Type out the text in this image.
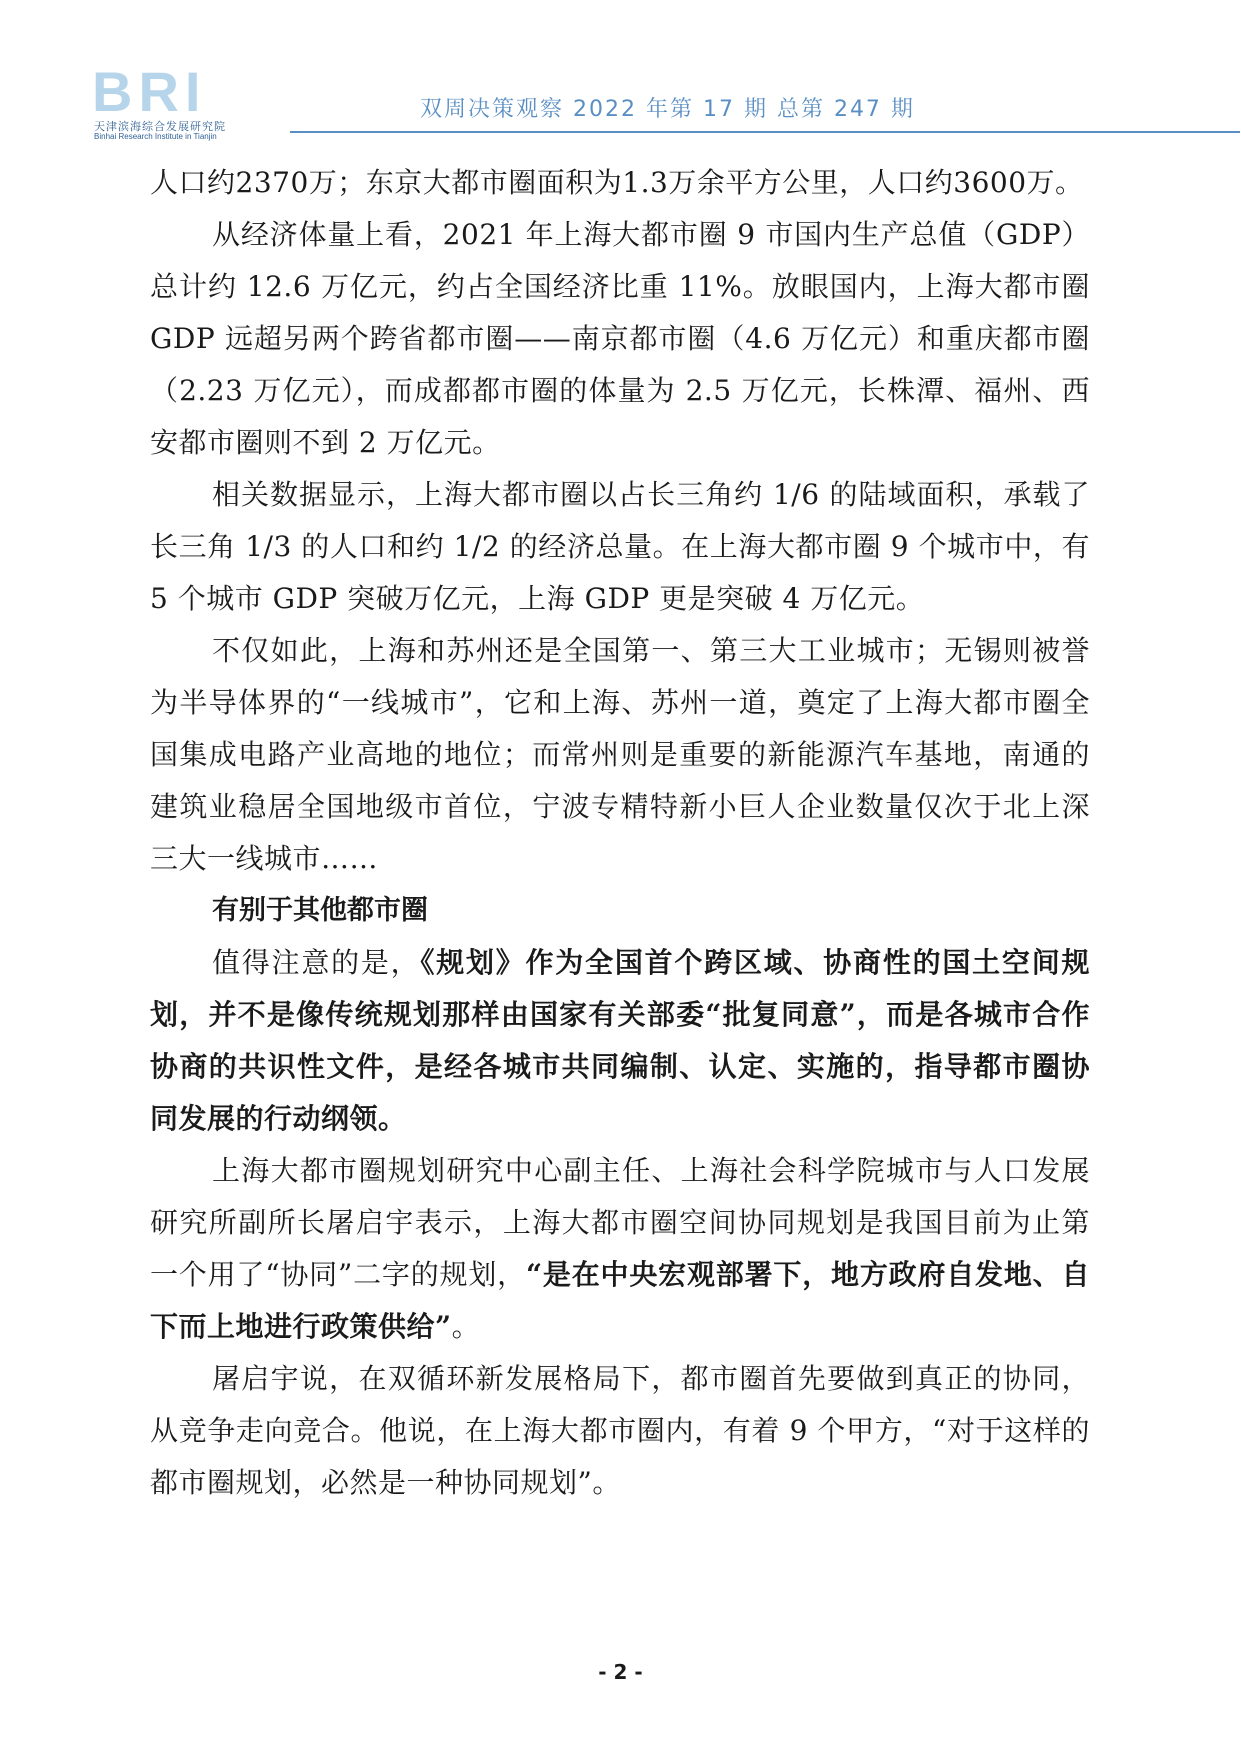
BRI
天津滨海综合发展研究院
Binhai Research Institute in Tianjin
双周决策观察 2022 年第 17 期 总第 247 期

人口约2370万；东京大都市圈面积为1.3万余平方公里，人口约3600万。

从经济体量上看，2021 年上海大都市圈 9 市国内生产总值（GDP）总计约 12.6 万亿元，约占全国经济比重 11%。放眼国内，上海大都市圈 GDP 远超另两个跨省都市圈——南京都市圈（4.6 万亿元）和重庆都市圈（2.23 万亿元），而成都都市圈的体量为 2.5 万亿元，长株潭、福州、西安都市圈则不到 2 万亿元。

相关数据显示，上海大都市圈以占长三角约 1/6 的陆域面积，承载了长三角 1/3 的人口和约 1/2 的经济总量。在上海大都市圈 9 个城市中，有 5 个城市 GDP 突破万亿元，上海 GDP 更是突破 4 万亿元。

不仅如此，上海和苏州还是全国第一、第三大工业城市；无锡则被誉为半导体界的“一线城市”，它和上海、苏州一道，奠定了上海大都市圈全国集成电路产业高地的地位；而常州则是重要的新能源汽车基地，南通的建筑业稳居全国地级市首位，宁波专精特新小巨人企业数量仅次于北上深三大一线城市……

有别于其他都市圈

值得注意的是，《规划》作为全国首个跨区域、协商性的国土空间规划，并不是像传统规划那样由国家有关部委“批复同意”，而是各城市合作协商的共识性文件，是经各城市共同编制、认定、实施的，指导都市圈协同发展的行动纲领。

上海大都市圈规划研究中心副主任、上海社会科学院城市与人口发展研究所副所长屠启宇表示，上海大都市圈空间协同规划是我国目前为止第一个用了“协同”二字的规划，“是在中央宏观部署下，地方政府自发地、自下而上地进行政策供给”。

屠启宇说，在双循环新发展格局下，都市圈首先要做到真正的协同，从竞争走向竞合。他说，在上海大都市圈内，有着 9 个甲方，“对于这样的都市圈规划，必然是一种协同规划”。

- 2 -
